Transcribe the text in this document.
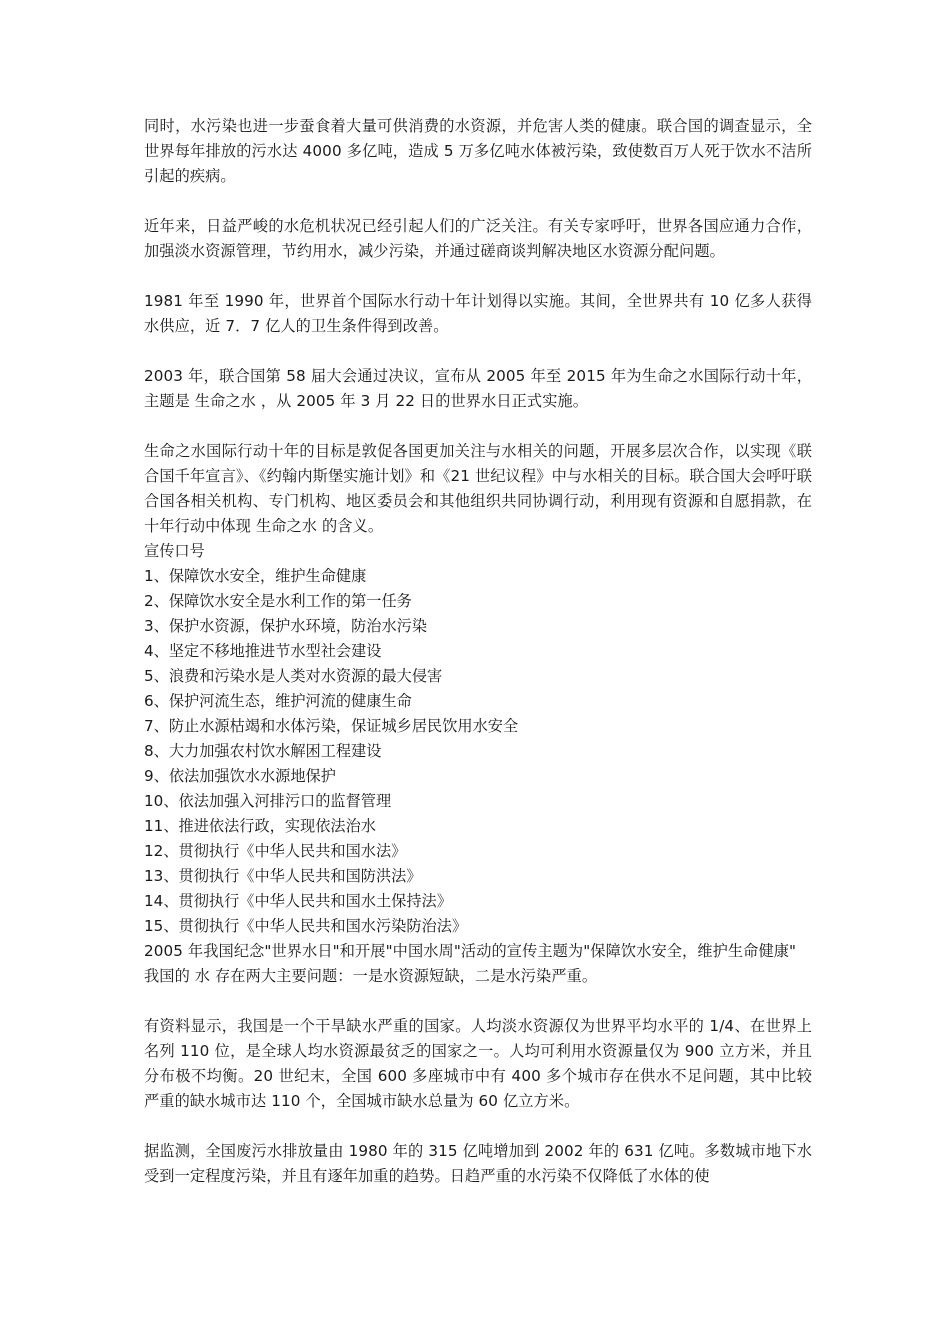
同时，水污染也进一步蚕食着大量可供消费的水资源，并危害人类的健康。联合国的调查显示，全世界每年排放的污水达 4000 多亿吨，造成 5 万多亿吨水体被污染，致使数百万人死于饮水不洁所引起的疾病。

近年来，日益严峻的水危机状况已经引起人们的广泛关注。有关专家呼吁，世界各国应通力合作，加强淡水资源管理，节约用水，减少污染，并通过磋商谈判解决地区水资源分配问题。

1981 年至 1990 年，世界首个国际水行动十年计划得以实施。其间，全世界共有 10 亿多人获得水供应，近 7．7 亿人的卫生条件得到改善。

2003 年，联合国第 58 届大会通过决议，宣布从 2005 年至 2015 年为生命之水国际行动十年，主题是 生命之水 ，从 2005 年 3 月 22 日的世界水日正式实施。

生命之水国际行动十年的目标是敦促各国更加关注与水相关的问题，开展多层次合作，以实现《联合国千年宣言》、《约翰内斯堡实施计划》和《21 世纪议程》中与水相关的目标。联合国大会呼吁联合国各相关机构、专门机构、地区委员会和其他组织共同协调行动，利用现有资源和自愿捐款，在十年行动中体现 生命之水 的含义。

宣传口号

1、保障饮水安全，维护生命健康

2、保障饮水安全是水利工作的第一任务

3、保护水资源，保护水环境，防治水污染

4、坚定不移地推进节水型社会建设

5、浪费和污染水是人类对水资源的最大侵害

6、保护河流生态，维护河流的健康生命

7、防止水源枯竭和水体污染，保证城乡居民饮用水安全

8、大力加强农村饮水解困工程建设

9、依法加强饮水水源地保护

10、依法加强入河排污口的监督管理

11、推进依法行政，实现依法治水

12、贯彻执行《中华人民共和国水法》

13、贯彻执行《中华人民共和国防洪法》

14、贯彻执行《中华人民共和国水土保持法》

15、贯彻执行《中华人民共和国水污染防治法》

2005 年我国纪念"世界水日"和开展"中国水周"活动的宣传主题为"保障饮水安全，维护生命健康"

我国的 水 存在两大主要问题：一是水资源短缺，二是水污染严重。

有资料显示，我国是一个干旱缺水严重的国家。人均淡水资源仅为世界平均水平的 1/4、在世界上名列 110 位，是全球人均水资源最贫乏的国家之一。人均可利用水资源量仅为 900 立方米，并且分布极不均衡。20 世纪末，全国 600 多座城市中有 400 多个城市存在供水不足问题，其中比较严重的缺水城市达 110 个，全国城市缺水总量为 60 亿立方米。

据监测，全国废污水排放量由 1980 年的 315 亿吨增加到 2002 年的 631 亿吨。多数城市地下水受到一定程度污染，并且有逐年加重的趋势。日趋严重的水污染不仅降低了水体的使
